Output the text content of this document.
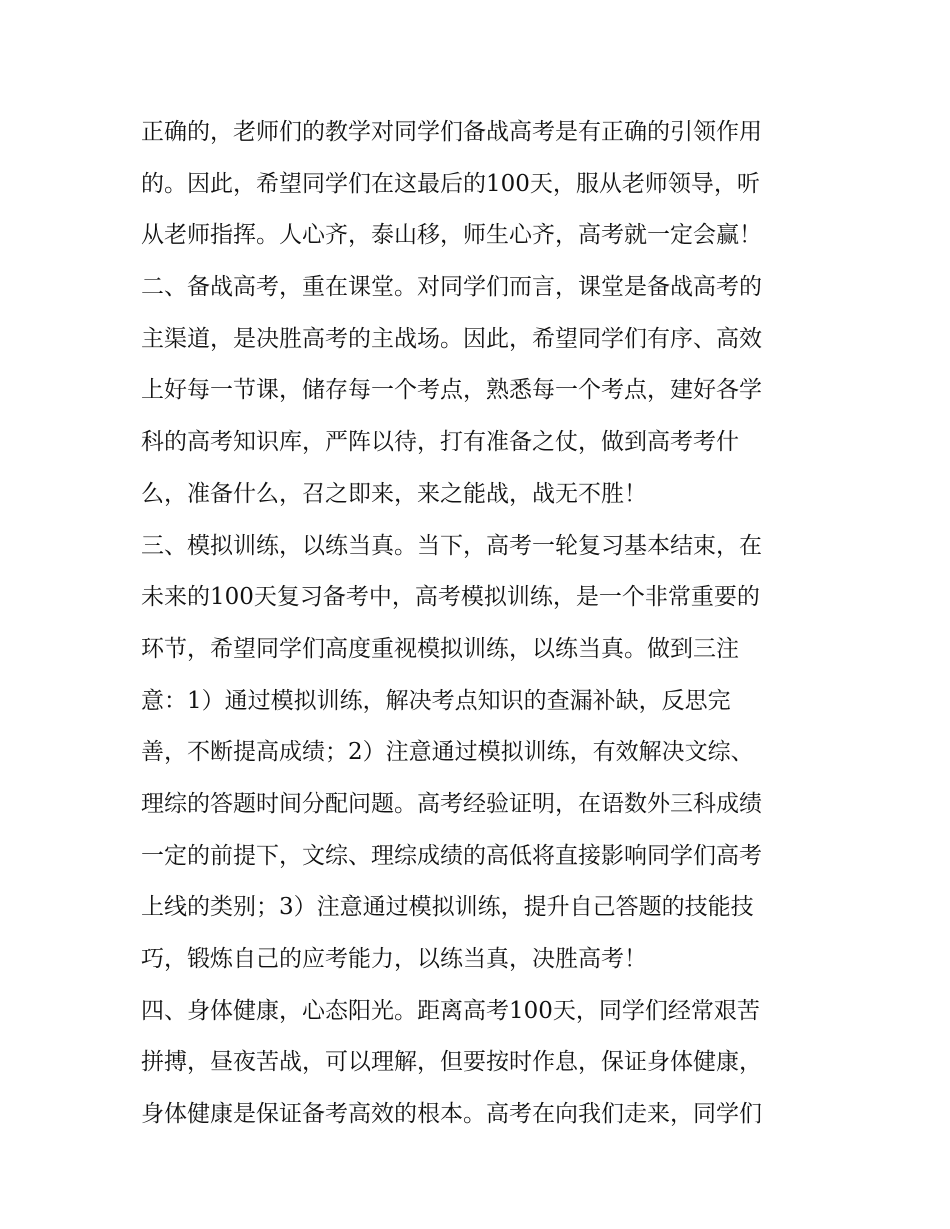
正确的，老师们的教学对同学们备战高考是有正确的引领作用
的。因此，希望同学们在这最后的100天，服从老师领导，听
从老师指挥。人心齐，泰山移，师生心齐，高考就一定会赢！
二、备战高考，重在课堂。对同学们而言，课堂是备战高考的
主渠道，是决胜高考的主战场。因此，希望同学们有序、高效
上好每一节课，储存每一个考点，熟悉每一个考点，建好各学
科的高考知识库，严阵以待，打有准备之仗，做到高考考什
么，准备什么，召之即来，来之能战，战无不胜！
三、模拟训练，以练当真。当下，高考一轮复习基本结束，在
未来的100天复习备考中，高考模拟训练，是一个非常重要的
环节，希望同学们高度重视模拟训练，以练当真。做到三注
意：1）通过模拟训练，解决考点知识的查漏补缺，反思完
善，不断提高成绩；2）注意通过模拟训练，有效解决文综、
理综的答题时间分配问题。高考经验证明，在语数外三科成绩
一定的前提下，文综、理综成绩的高低将直接影响同学们高考
上线的类别；3）注意通过模拟训练，提升自己答题的技能技
巧，锻炼自己的应考能力，以练当真，决胜高考！
四、身体健康，心态阳光。距离高考100天，同学们经常艰苦
拼搏，昼夜苦战，可以理解，但要按时作息，保证身体健康，
身体健康是保证备考高效的根本。高考在向我们走来，同学们
